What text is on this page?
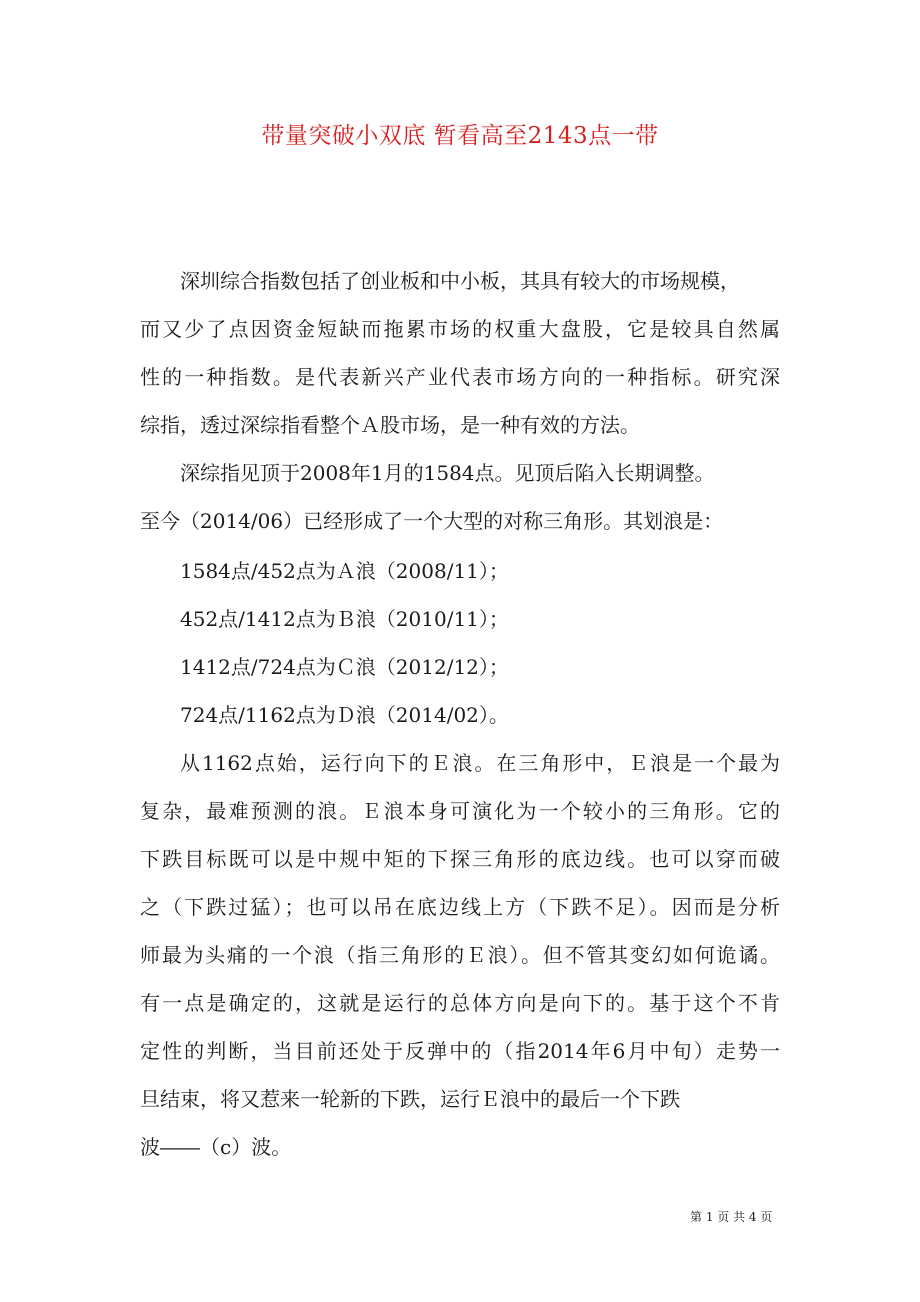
带量突破小双底 暂看高至2143点一带
深圳综合指数包括了创业板和中小板，其具有较大的市场规模，
而又少了点因资金短缺而拖累市场的权重大盘股，它是较具自然属
性的一种指数。是代表新兴产业代表市场方向的一种指标。研究深
综指，透过深综指看整个Ａ股市场，是一种有效的方法。
深综指见顶于2008年1月的1584点。见顶后陷入长期调整。
至今（2014/06）已经形成了一个大型的对称三角形。其划浪是：
1584点/452点为Ａ浪（2008/11）；
452点/1412点为Ｂ浪（2010/11）；
1412点/724点为Ｃ浪（2012/12）；
724点/1162点为Ｄ浪（2014/02）。
从1162点始，运行向下的Ｅ浪。在三角形中，Ｅ浪是一个最为
复杂，最难预测的浪。Ｅ浪本身可演化为一个较小的三角形。它的
下跌目标既可以是中规中矩的下探三角形的底边线。也可以穿而破
之（下跌过猛）；也可以吊在底边线上方（下跌不足）。因而是分析
师最为头痛的一个浪（指三角形的Ｅ浪）。但不管其变幻如何诡谲。
有一点是确定的，这就是运行的总体方向是向下的。基于这个不肯
定性的判断，当目前还处于反弹中的（指2014年6月中旬）走势一
旦结束，将又惹来一轮新的下跌，运行Ｅ浪中的最后一个下跌
波――（c）波。
第 1 页 共 4 页
